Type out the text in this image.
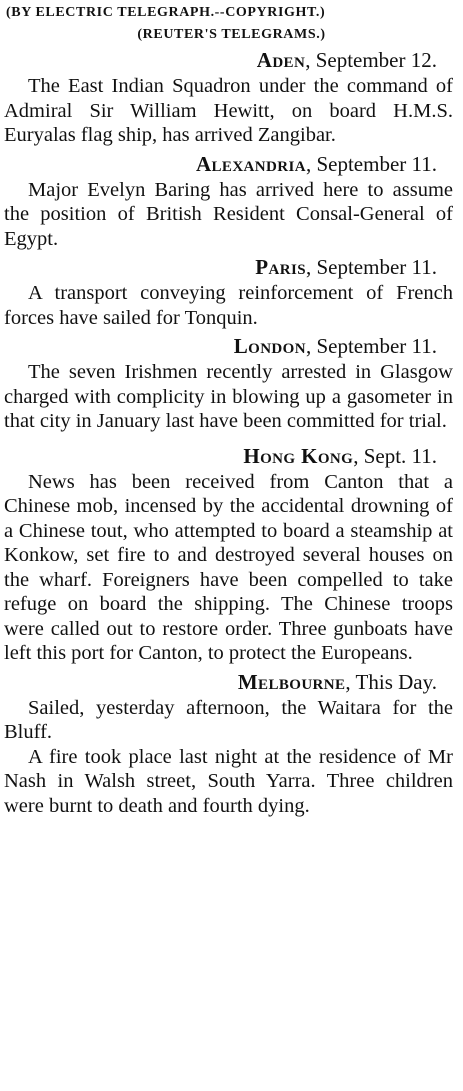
(BY ELECTRIC TELEGRAPH.--COPYRIGHT.)
(REUTER'S TELEGRAMS.)
Aden, September 12.

The East Indian Squadron under the command of Admiral Sir William Hewitt, on board H.M.S. Euryalas flag ship, has arrived Zangibar.

Alexandria, September 11.

Major Evelyn Baring has arrived here to assume the position of British Resident Consal-General of Egypt.

Paris, September 11.

A transport conveying reinforcement of French forces have sailed for Tonquin.

London, September 11.

The seven Irishmen recently arrested in Glasgow charged with complicity in blowing up a gasometer in that city in January last have been committed for trial.

Hong Kong, Sept. 11.

News has been received from Canton that a Chinese mob, incensed by the accidental drowning of a Chinese tout, who attempted to board a steamship at Konkow, set fire to and destroyed several houses on the wharf. Foreigners have been compelled to take refuge on board the shipping. The Chinese troops were called out to restore order. Three gunboats have left this port for Canton, to protect the Europeans.

Melbourne, This Day.

Sailed, yesterday afternoon, the Waitara for the Bluff.

A fire took place last night at the residence of Mr Nash in Walsh street, South Yarra. Three children were burnt to death and fourth dying.
